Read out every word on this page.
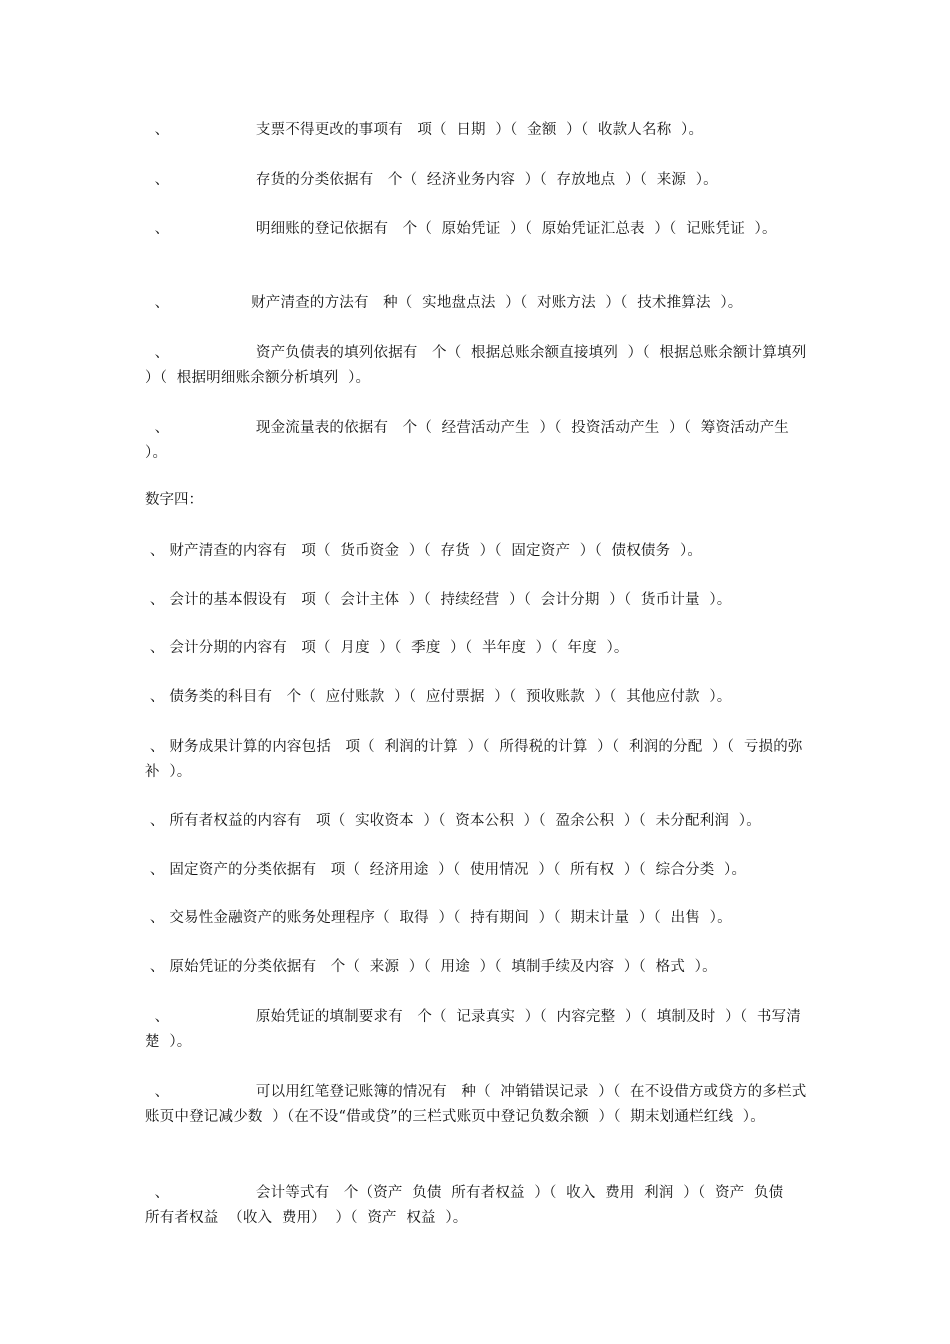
、                  支票不得更改的事项有   项（  日期  ）（  金额  ）（  收款人名称  ）。
、                  存货的分类依据有   个（  经济业务内容  ）（  存放地点  ）（  来源  ）。
、                  明细账的登记依据有   个（  原始凭证  ）（  原始凭证汇总表  ）（  记账凭证  ）。
、                 财产清查的方法有   种（  实地盘点法  ）（  对账方法  ）（  技术推算法  ）。
、                  资产负债表的填列依据有   个（  根据总账余额直接填列  ）（  根据总账余额计算填列  ）（  根据明细账余额分析填列  ）。
、                  现金流量表的依据有   个（  经营活动产生  ）（  投资活动产生  ）（  筹资活动产生  ）。
数字四：
、 财产清查的内容有   项（  货币资金  ）（  存货  ）（  固定资产  ）（  债权债务  ）。
、 会计的基本假设有   项（  会计主体  ）（  持续经营  ）（  会计分期  ）（  货币计量  ）。
、 会计分期的内容有   项（  月度  ）（  季度  ）（  半年度  ）（  年度  ）。
、 债务类的科目有   个（  应付账款  ）（  应付票据  ）（  预收账款  ）（  其他应付款  ）。
、 财务成果计算的内容包括   项（  利润的计算  ）（  所得税的计算  ）（  利润的分配  ）（  亏损的弥补  ）。
、 所有者权益的内容有   项（  实收资本  ）（  资本公积  ）（  盈余公积  ）（  未分配利润  ）。
、 固定资产的分类依据有   项（  经济用途  ）（  使用情况  ）（  所有权  ）（  综合分类  ）。
、 交易性金融资产的账务处理程序（  取得  ）（  持有期间  ）（  期末计量  ）（  出售  ）。
、 原始凭证的分类依据有   个（  来源  ）（  用途  ）（  填制手续及内容  ）（  格式  ）。
、                  原始凭证的填制要求有   个（  记录真实  ）（  内容完整  ）（  填制及时  ）（  书写清楚  ）。
、                  可以用红笔登记账簿的情况有   种（  冲销错误记录  ）（  在不设借方或贷方的多栏式账页中登记减少数  ）（在不设“借或贷”的三栏式账页中登记负数余额  ）（  期末划通栏红线  ）。
、                  会计等式有   个（资产  负债  所有者权益  ）（  收入  费用  利润  ）（  资产  负债  所有者权益  （收入  费用）  ）（  资产  权益  ）。
